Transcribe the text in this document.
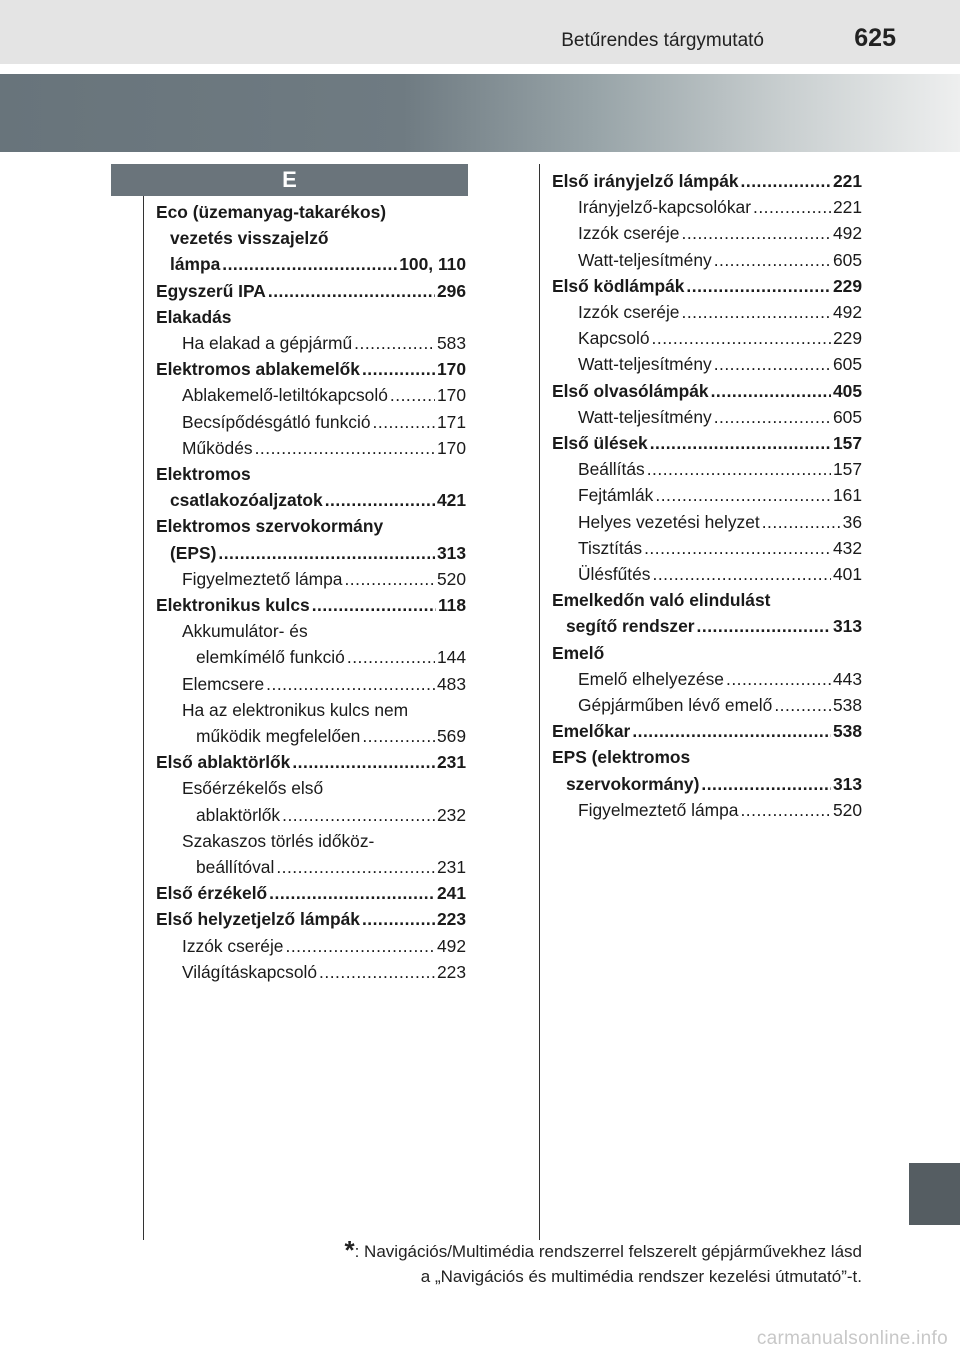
Betűrendes tárgymutató	625
E
Eco (üzemanyag-takarékos)
vezetés visszajelző
lámpa .....	100, 110
Egyszerű IPA .....	296
Elakadás
Ha elakad a gépjármű .....	583
Elektromos ablakemelők .....	170
Ablakemelő-letiltókapcsoló .....	170
Becsípődésgátló funkció .....	171
Működés .....	170
Elektromos
csatlakozóaljzatok .....	421
Elektromos szervokormány
(EPS) .....	313
Figyelmeztető lámpa .....	520
Elektronikus kulcs .....	118
Akkumulátor- és
elemkímélő funkció .....	144
Elemcsere .....	483
Ha az elektronikus kulcs nem
működik megfelelően .....	569
Első ablaktörlők .....	231
Esőérzékelős első
ablaktörlők .....	232
Szakaszos törlés időköz-
beállítóval .....	231
Első érzékelő .....	241
Első helyzetjelző lámpák .....	223
Izzók cseréje .....	492
Világításkapcsoló .....	223
Első irányjelző lámpák .....	221
Irányjelző-kapcsolókar .....	221
Izzók cseréje .....	492
Watt-teljesítmény .....	605
Első ködlámpák .....	229
Izzók cseréje .....	492
Kapcsoló .....	229
Watt-teljesítmény .....	605
Első olvasólámpák .....	405
Watt-teljesítmény .....	605
Első ülések .....	157
Beállítás .....	157
Fejtámlák .....	161
Helyes vezetési helyzet .....	36
Tisztítás .....	432
Ülésfűtés .....	401
Emelkedőn való elindulást
segítő rendszer .....	313
Emelő
Emelő elhelyezése .....	443
Gépjárműben lévő emelő .....	538
Emelőkar .....	538
EPS (elektromos
szervokormány) .....	313
Figyelmeztető lámpa .....	520
*: Navigációs/Multimédia rendszerrel felszerelt gépjárművekhez lásd
a „Navigációs és multimédia rendszer kezelési útmutató”-t.
carmanualsonline.info
